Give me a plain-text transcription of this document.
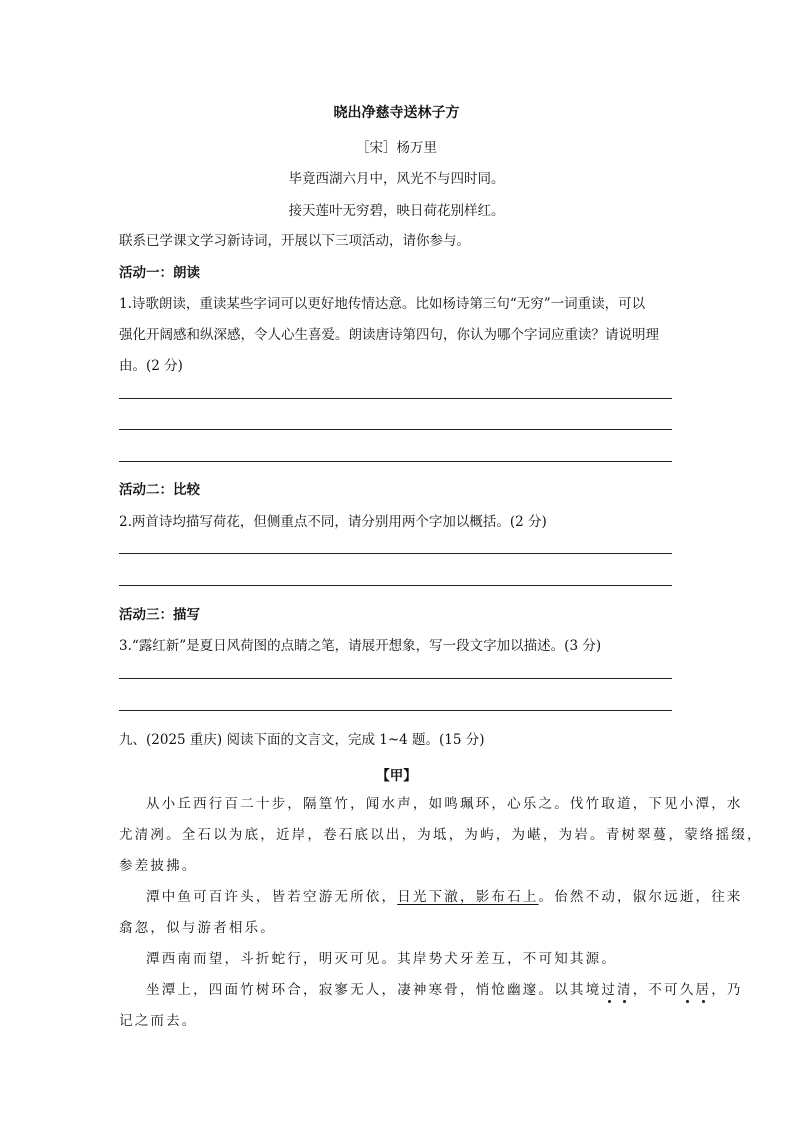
晓出净慈寺送林子方
［宋］杨万里
毕竟西湖六月中，风光不与四时同。
接天莲叶无穷碧，映日荷花别样红。
联系已学课文学习新诗词，开展以下三项活动，请你参与。
活动一：朗读
1.诗歌朗读，重读某些字词可以更好地传情达意。比如杨诗第三句“无穷”一词重读，可以
强化开阔感和纵深感，令人心生喜爱。朗读唐诗第四句，你认为哪个字词应重读？请说明理
由。(2 分)
活动二：比较
2.两首诗均描写荷花，但侧重点不同，请分别用两个字加以概括。(2 分)
活动三：描写
3.“露红新”是夏日风荷图的点睛之笔，请展开想象，写一段文字加以描述。(3 分)
九、(2025 重庆) 阅读下面的文言文，完成 1~4 题。(15 分)
【甲】
从小丘西行百二十步，隔篁竹，闻水声，如鸣珮环，心乐之。伐竹取道，下见小潭，水
尤清冽。全石以为底，近岸，卷石底以出，为坻，为屿，为嵁，为岩。青树翠蔓，蒙络摇缀，
参差披拂。
潭中鱼可百许头，皆若空游无所依，日光下澈，影布石上。佁然不动，俶尔远逝，往来
翕忽，似与游者相乐。
潭西南而望，斗折蛇行，明灭可见。其岸势犬牙差互，不可知其源。
坐潭上，四面竹树环合，寂寥无人，凄神寒骨，悄怆幽邃。以其境过清，不可久居，乃
记之而去。
